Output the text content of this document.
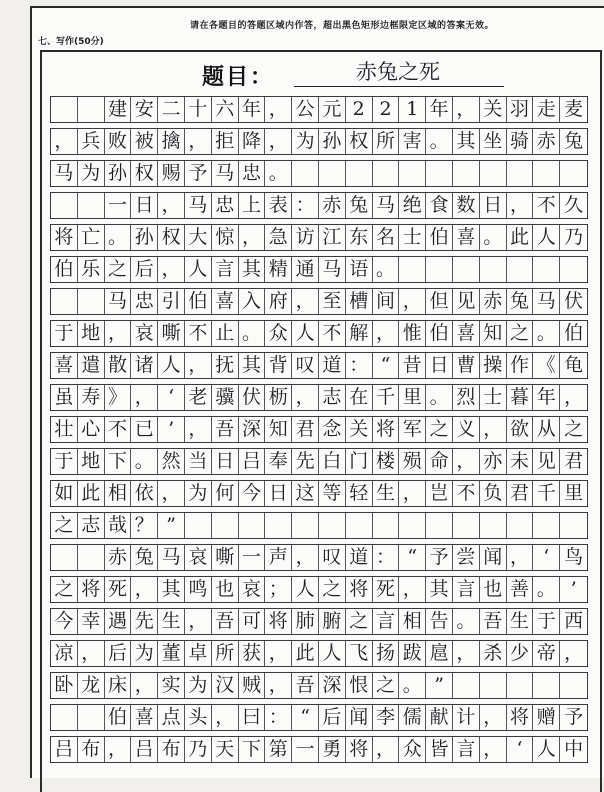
请在各题目的答题区域内作答，超出黑色矩形边框限定区域的答案无效。
七、写作(50分)
题目：	赤兔之死
建 安 二 十 六 年 ， 公 元 2 2 1 年 ， 关 羽 走 麦
， 兵 败 被 擒 ， 拒 降 ， 为 孙 权 所 害 。 其 坐 骑 赤 兔
马 为 孙 权 赐 予 马 忠 。
一 日 ， 马 忠 上 表 ： 赤 兔 马 绝 食 数 日 ， 不 久
将 亡 。 孙 权 大 惊 ， 急 访 江 东 名 士 伯 喜 。 此 人 乃
伯 乐 之 后 ， 人 言 其 精 通 马 语 。
马 忠 引 伯 喜 入 府 ， 至 槽 间 ， 但 见 赤 兔 马 伏
于 地 ， 哀 嘶 不 止 。 众 人 不 解 ， 惟 伯 喜 知 之 。 伯
喜 遣 散 诸 人 ， 抚 其 背 叹 道 ： “ 昔 日 曹 操 作 《 龟
虽 寿 》 ， ‘ 老 骥 伏 枥 ， 志 在 千 里 。 烈 士 暮 年 ，
壮 心 不 已 ’ ， 吾 深 知 君 念 关 将 军 之 义 ， 欲 从 之
于 地 下 。 然 当 日 吕 奉 先 白 门 楼 殒 命 ， 亦 未 见 君
如 此 相 依 ， 为 何 今 日 这 等 轻 生 ， 岂 不 负 君 千 里
之 志 哉 ？ ”
赤 兔 马 哀 嘶 一 声 ， 叹 道 ： “ 予 尝 闻 ， ‘ 鸟
之 将 死 ， 其 鸣 也 哀 ； 人 之 将 死 ， 其 言 也 善 。 ’
今 幸 遇 先 生 ， 吾 可 将 肺 腑 之 言 相 告 。 吾 生 于 西
凉 ， 后 为 董 卓 所 获 ， 此 人 飞 扬 跋 扈 ， 杀 少 帝 ，
卧 龙 床 ， 实 为 汉 贼 ， 吾 深 恨 之 。 ”
伯 喜 点 头 ， 曰 ： “ 后 闻 李 儒 献 计 ， 将 赠 予
吕 布 ， 吕 布 乃 天 下 第 一 勇 将 ， 众 皆 言 ， ‘ 人 中
